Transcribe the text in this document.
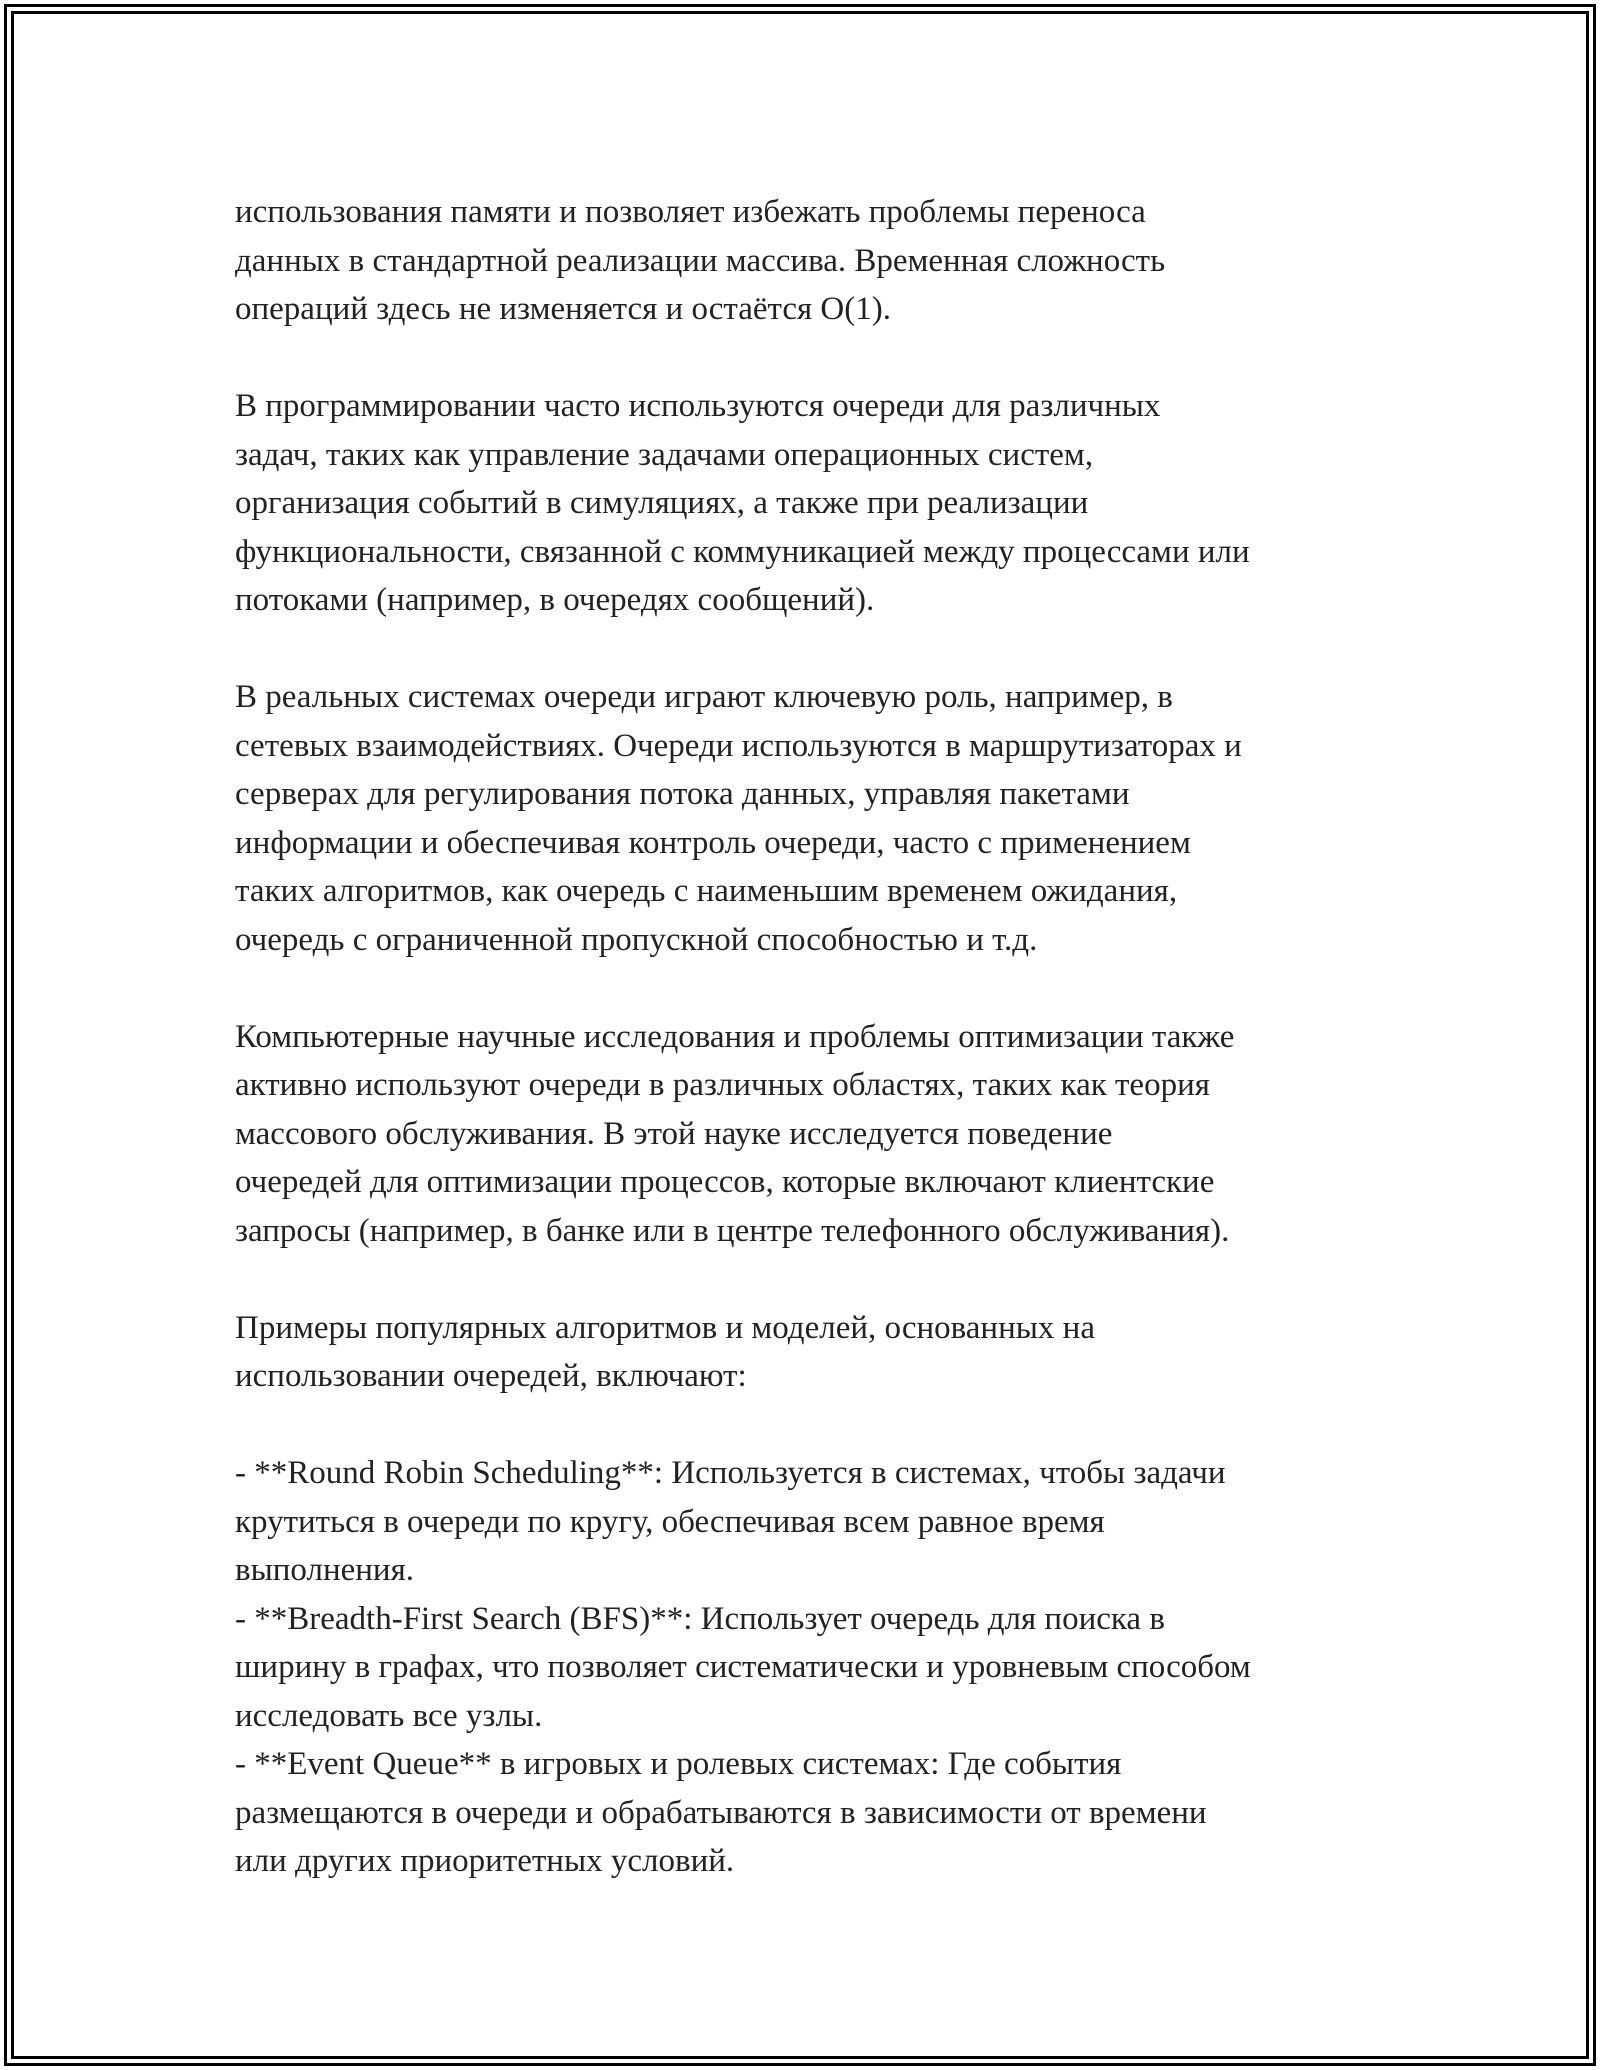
использования памяти и позволяет избежать проблемы переноса
данных в стандартной реализации массива. Временная сложность
операций здесь не изменяется и остаётся O(1).
В программировании часто используются очереди для различных
задач, таких как управление задачами операционных систем,
организация событий в симуляциях, а также при реализации
функциональности, связанной с коммуникацией между процессами или
потоками (например, в очередях сообщений).
В реальных системах очереди играют ключевую роль, например, в
сетевых взаимодействиях. Очереди используются в маршрутизаторах и
серверах для регулирования потока данных, управляя пакетами
информации и обеспечивая контроль очереди, часто с применением
таких алгоритмов, как очередь с наименьшим временем ожидания,
очередь с ограниченной пропускной способностью и т.д.
Компьютерные научные исследования и проблемы оптимизации также
активно используют очереди в различных областях, таких как теория
массового обслуживания. В этой науке исследуется поведение
очередей для оптимизации процессов, которые включают клиентские
запросы (например, в банке или в центре телефонного обслуживания).
Примеры популярных алгоритмов и моделей, основанных на
использовании очередей, включают:
- **Round Robin Scheduling**: Используется в системах, чтобы задачи
крутиться в очереди по кругу, обеспечивая всем равное время
выполнения.
- **Breadth-First Search (BFS)**: Использует очередь для поиска в
ширину в графах, что позволяет систематически и уровневым способом
исследовать все узлы.
- **Event Queue** в игровых и ролевых системах: Где события
размещаются в очереди и обрабатываются в зависимости от времени
или других приоритетных условий.
